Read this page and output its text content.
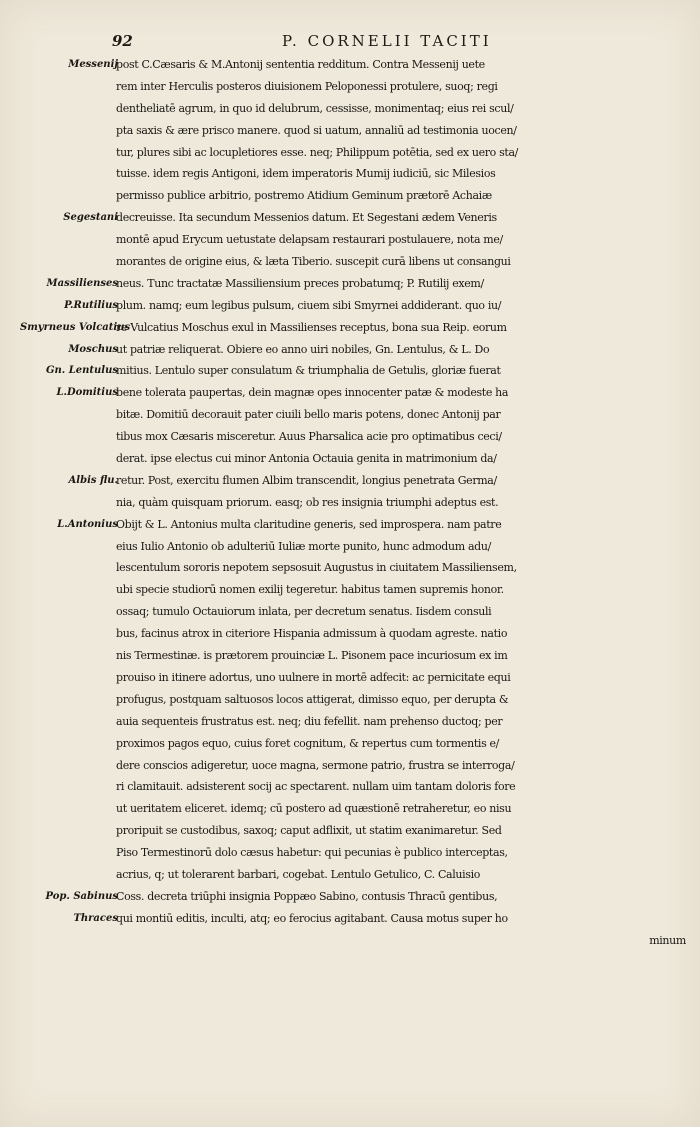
92	P. CORNELII TACITI
Messenij
post C.Cæsaris & M.Antonij sententia redditum. Contra Messenij uete
rem inter Herculis posteros diuisionem Peloponessi protulere, suoq; regi
dentheliatē agrum, in quo id delubrum, cessisse, monimentaq; eius rei scul/
pta saxis & ære prisco manere. quod si uatum, annaliū ad testimonia uocen/
tur, plures sibi ac locupletiores esse. neq; Philippum potētia, sed ex uero sta/
tuisse. idem regis Antigoni, idem imperatoris Mumij iudiciū, sic Milesios
permisso publice arbitrio, postremo Atidium Geminum prætorē Achaiæ
Segestani
decreuisse. Ita secundum Messenios datum. Et Segestani ædem Veneris
montē apud Erycum uetustate delapsam restaurari postulauere, nota me/
morantes de origine eius, & læta Tiberio. suscepit curā libens ut consangui
Massilienses
neus. Tunc tractatæ Massiliensium preces probatumq; P. Rutilij exem/
P.Rutilius
plum. namq; eum legibus pulsum, ciuem sibi Smyrnei addiderant. quo iu/
Smyrneus Volcatius
re Vulcatius Moschus exul in Massilienses receptus, bona sua Reip. eorum
Moschus
ut patriæ reliquerat. Obiere eo anno uiri nobiles, Gn. Lentulus, & L. Do
Gn. Lentulus
mitius. Lentulo super consulatum & triumphalia de Getulis, gloriæ fuerat
L.Domitius
bene tolerata paupertas, dein magnæ opes innocenter patæ & modeste ha
bitæ. Domitiū decorauit pater ciuili bello maris potens, donec Antonij par
tibus mox Cæsaris misceretur. Auus Pharsalica acie pro optimatibus ceci/
derat. ipse electus cui minor Antonia Octauia genita in matrimonium da/
Albis flu.
retur. Post, exercitu flumen Albim transcendit, longius penetrata Germa/
nia, quàm quisquam priorum. easq; ob res insignia triumphi adeptus est.
L.Antonius
Obijt & L. Antonius multa claritudine generis, sed improspera. nam patre
eius Iulio Antonio ob adulteriū Iuliæ morte punito, hunc admodum adu/
lescentulum sororis nepotem sepsosuit Augustus in ciuitatem Massiliensem,
ubi specie studiorū nomen exilij tegeretur. habitus tamen supremis honor.
ossaq; tumulo Octauiorum inlata, per decretum senatus. Iisdem consuli
bus, facinus atrox in citeriore Hispania admissum à quodam agreste. natio
nis Termestinæ. is prætorem prouinciæ L. Pisonem pace incuriosum ex im
prouiso in itinere adortus, uno uulnere in mortē adfecit: ac pernicitate equi
profugus, postquam saltuosos locos attigerat, dimisso equo, per derupta &
auia sequenteis frustratus est. neq; diu fefellit. nam prehenso ductoq; per
proximos pagos equo, cuius foret cognitum, & repertus cum tormentis e/
dere conscios adigeretur, uoce magna, sermone patrio, frustra se interroga/
ri clamitauit. adsisterent socij ac spectarent. nullam uim tantam doloris fore
ut ueritatem eliceret. idemq; cū postero ad quæstionē retraheretur, eo nisu
proripuit se custodibus, saxoq; caput adflixit, ut statim exanimaretur. Sed
Piso Termestinorū dolo cæsus habetur: qui pecunias è publico interceptas,
acrius, q; ut tolerarent barbari, cogebat. Lentulo Getulico, C. Caluisio
Pop. Sabinus
Coss. decreta triūphi insignia Poppæo Sabino, contusis Thracū gentibus,
Thraces
qui montiū editis, inculti, atq; eo ferocius agitabant. Causa motus super ho
minum
